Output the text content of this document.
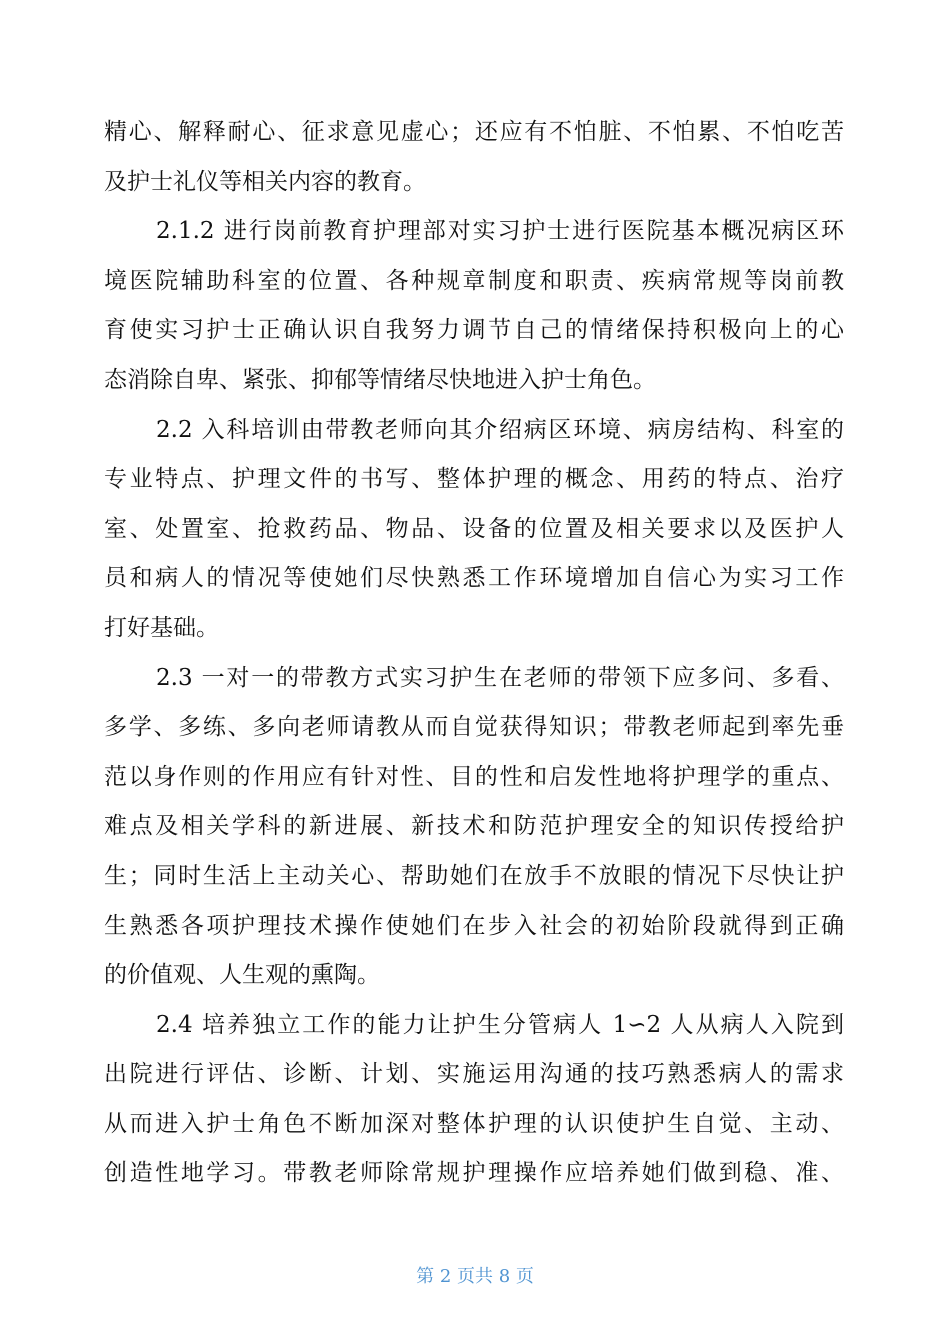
精心、解释耐心、征求意见虚心；还应有不怕脏、不怕累、不怕吃苦
及护士礼仪等相关内容的教育。
2.1.2 进行岗前教育护理部对实习护士进行医院基本概况病区环
境医院辅助科室的位置、各种规章制度和职责、疾病常规等岗前教
育使实习护士正确认识自我努力调节自己的情绪保持积极向上的心
态消除自卑、紧张、抑郁等情绪尽快地进入护士角色。
2.2 入科培训由带教老师向其介绍病区环境、病房结构、科室的
专业特点、护理文件的书写、整体护理的概念、用药的特点、治疗
室、处置室、抢救药品、物品、设备的位置及相关要求以及医护人
员和病人的情况等使她们尽快熟悉工作环境增加自信心为实习工作
打好基础。
2.3 一对一的带教方式实习护生在老师的带领下应多问、多看、
多学、多练、多向老师请教从而自觉获得知识；带教老师起到率先垂
范以身作则的作用应有针对性、目的性和启发性地将护理学的重点、
难点及相关学科的新进展、新技术和防范护理安全的知识传授给护
生；同时生活上主动关心、帮助她们在放手不放眼的情况下尽快让护
生熟悉各项护理技术操作使她们在步入社会的初始阶段就得到正确
的价值观、人生观的熏陶。
2.4 培养独立工作的能力让护生分管病人 1∽2 人从病人入院到
出院进行评估、诊断、计划、实施运用沟通的技巧熟悉病人的需求
从而进入护士角色不断加深对整体护理的认识使护生自觉、主动、
创造性地学习。带教老师除常规护理操作应培养她们做到稳、准、
第 2 页共 8 页
